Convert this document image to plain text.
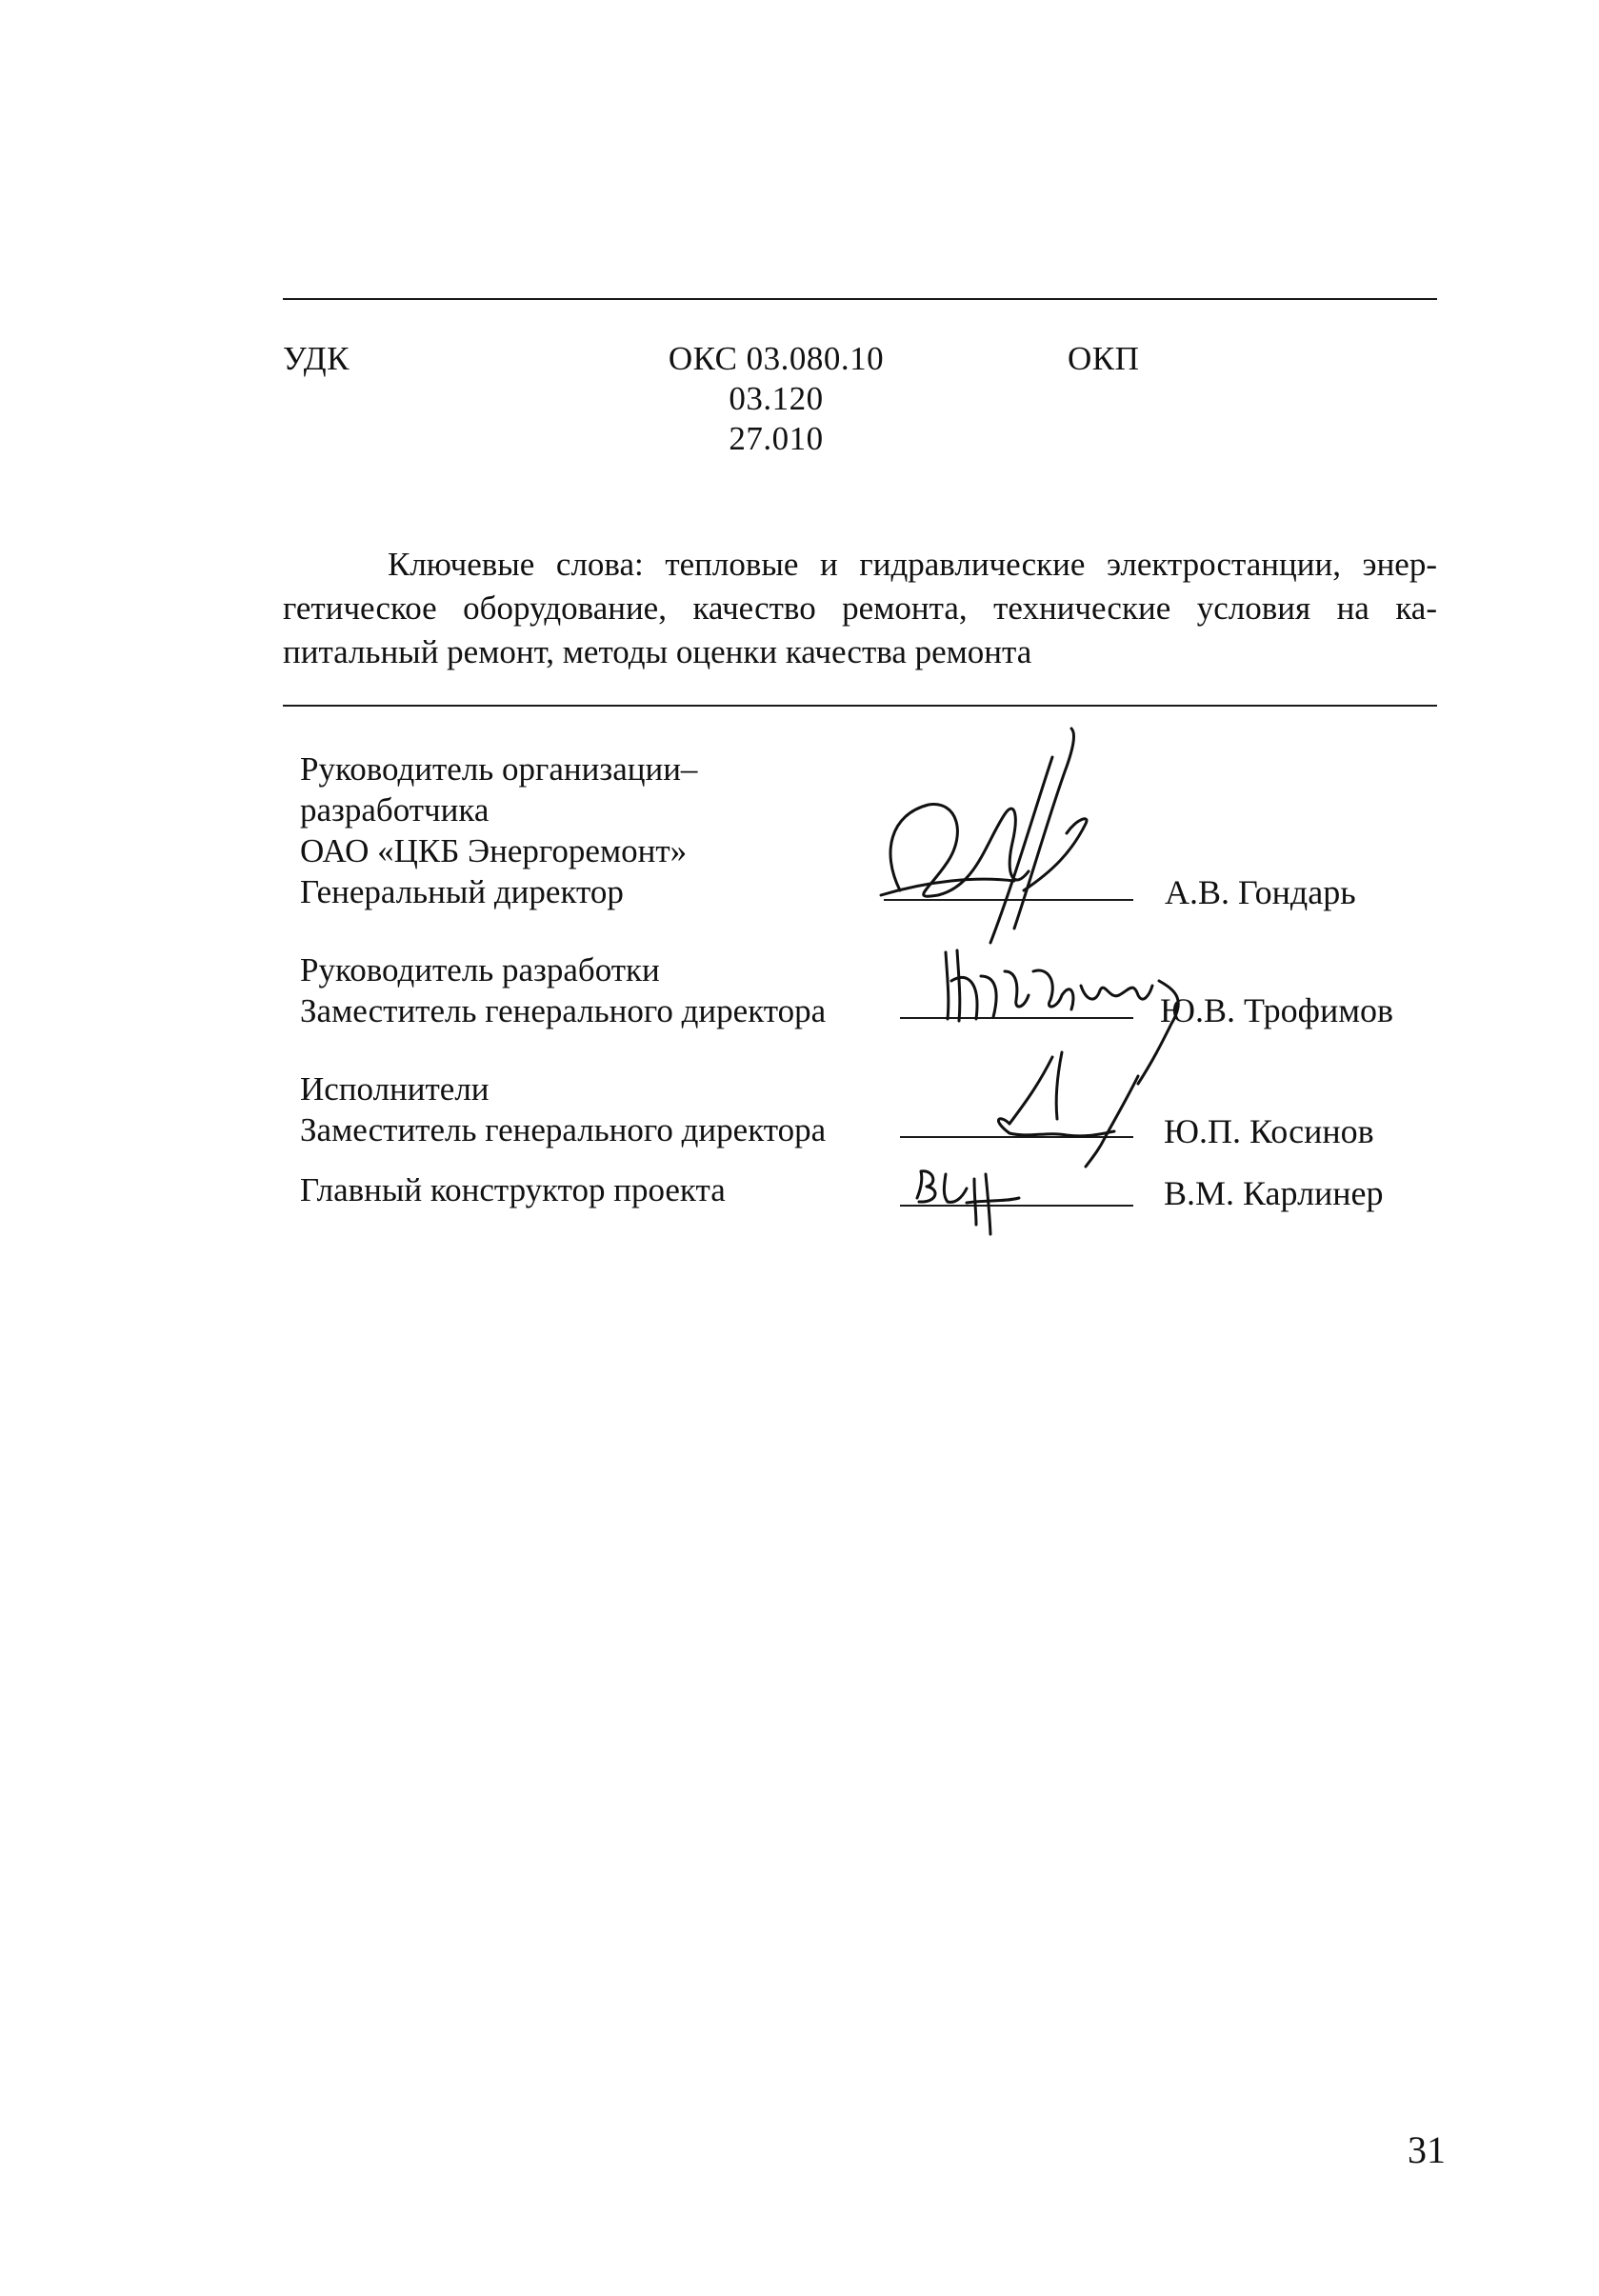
УДК	ОКС 03.080.10
03.120
27.010
ОКП
Ключевые слова: тепловые и гидравлические электростанции, энер-
гетическое оборудование, качество ремонта, технические условия на ка-
питальный ремонт, методы оценки качества ремонта
Руководитель организации–
разработчика
ОАО «ЦКБ Энергоремонт»
Генеральный директор	А.В. Гондарь
Руководитель разработки
Заместитель генерального директора	Ю.В. Трофимов
Исполнители
Заместитель генерального директора	Ю.П. Косинов
Главный конструктор проекта	В.М. Карлинер
31
